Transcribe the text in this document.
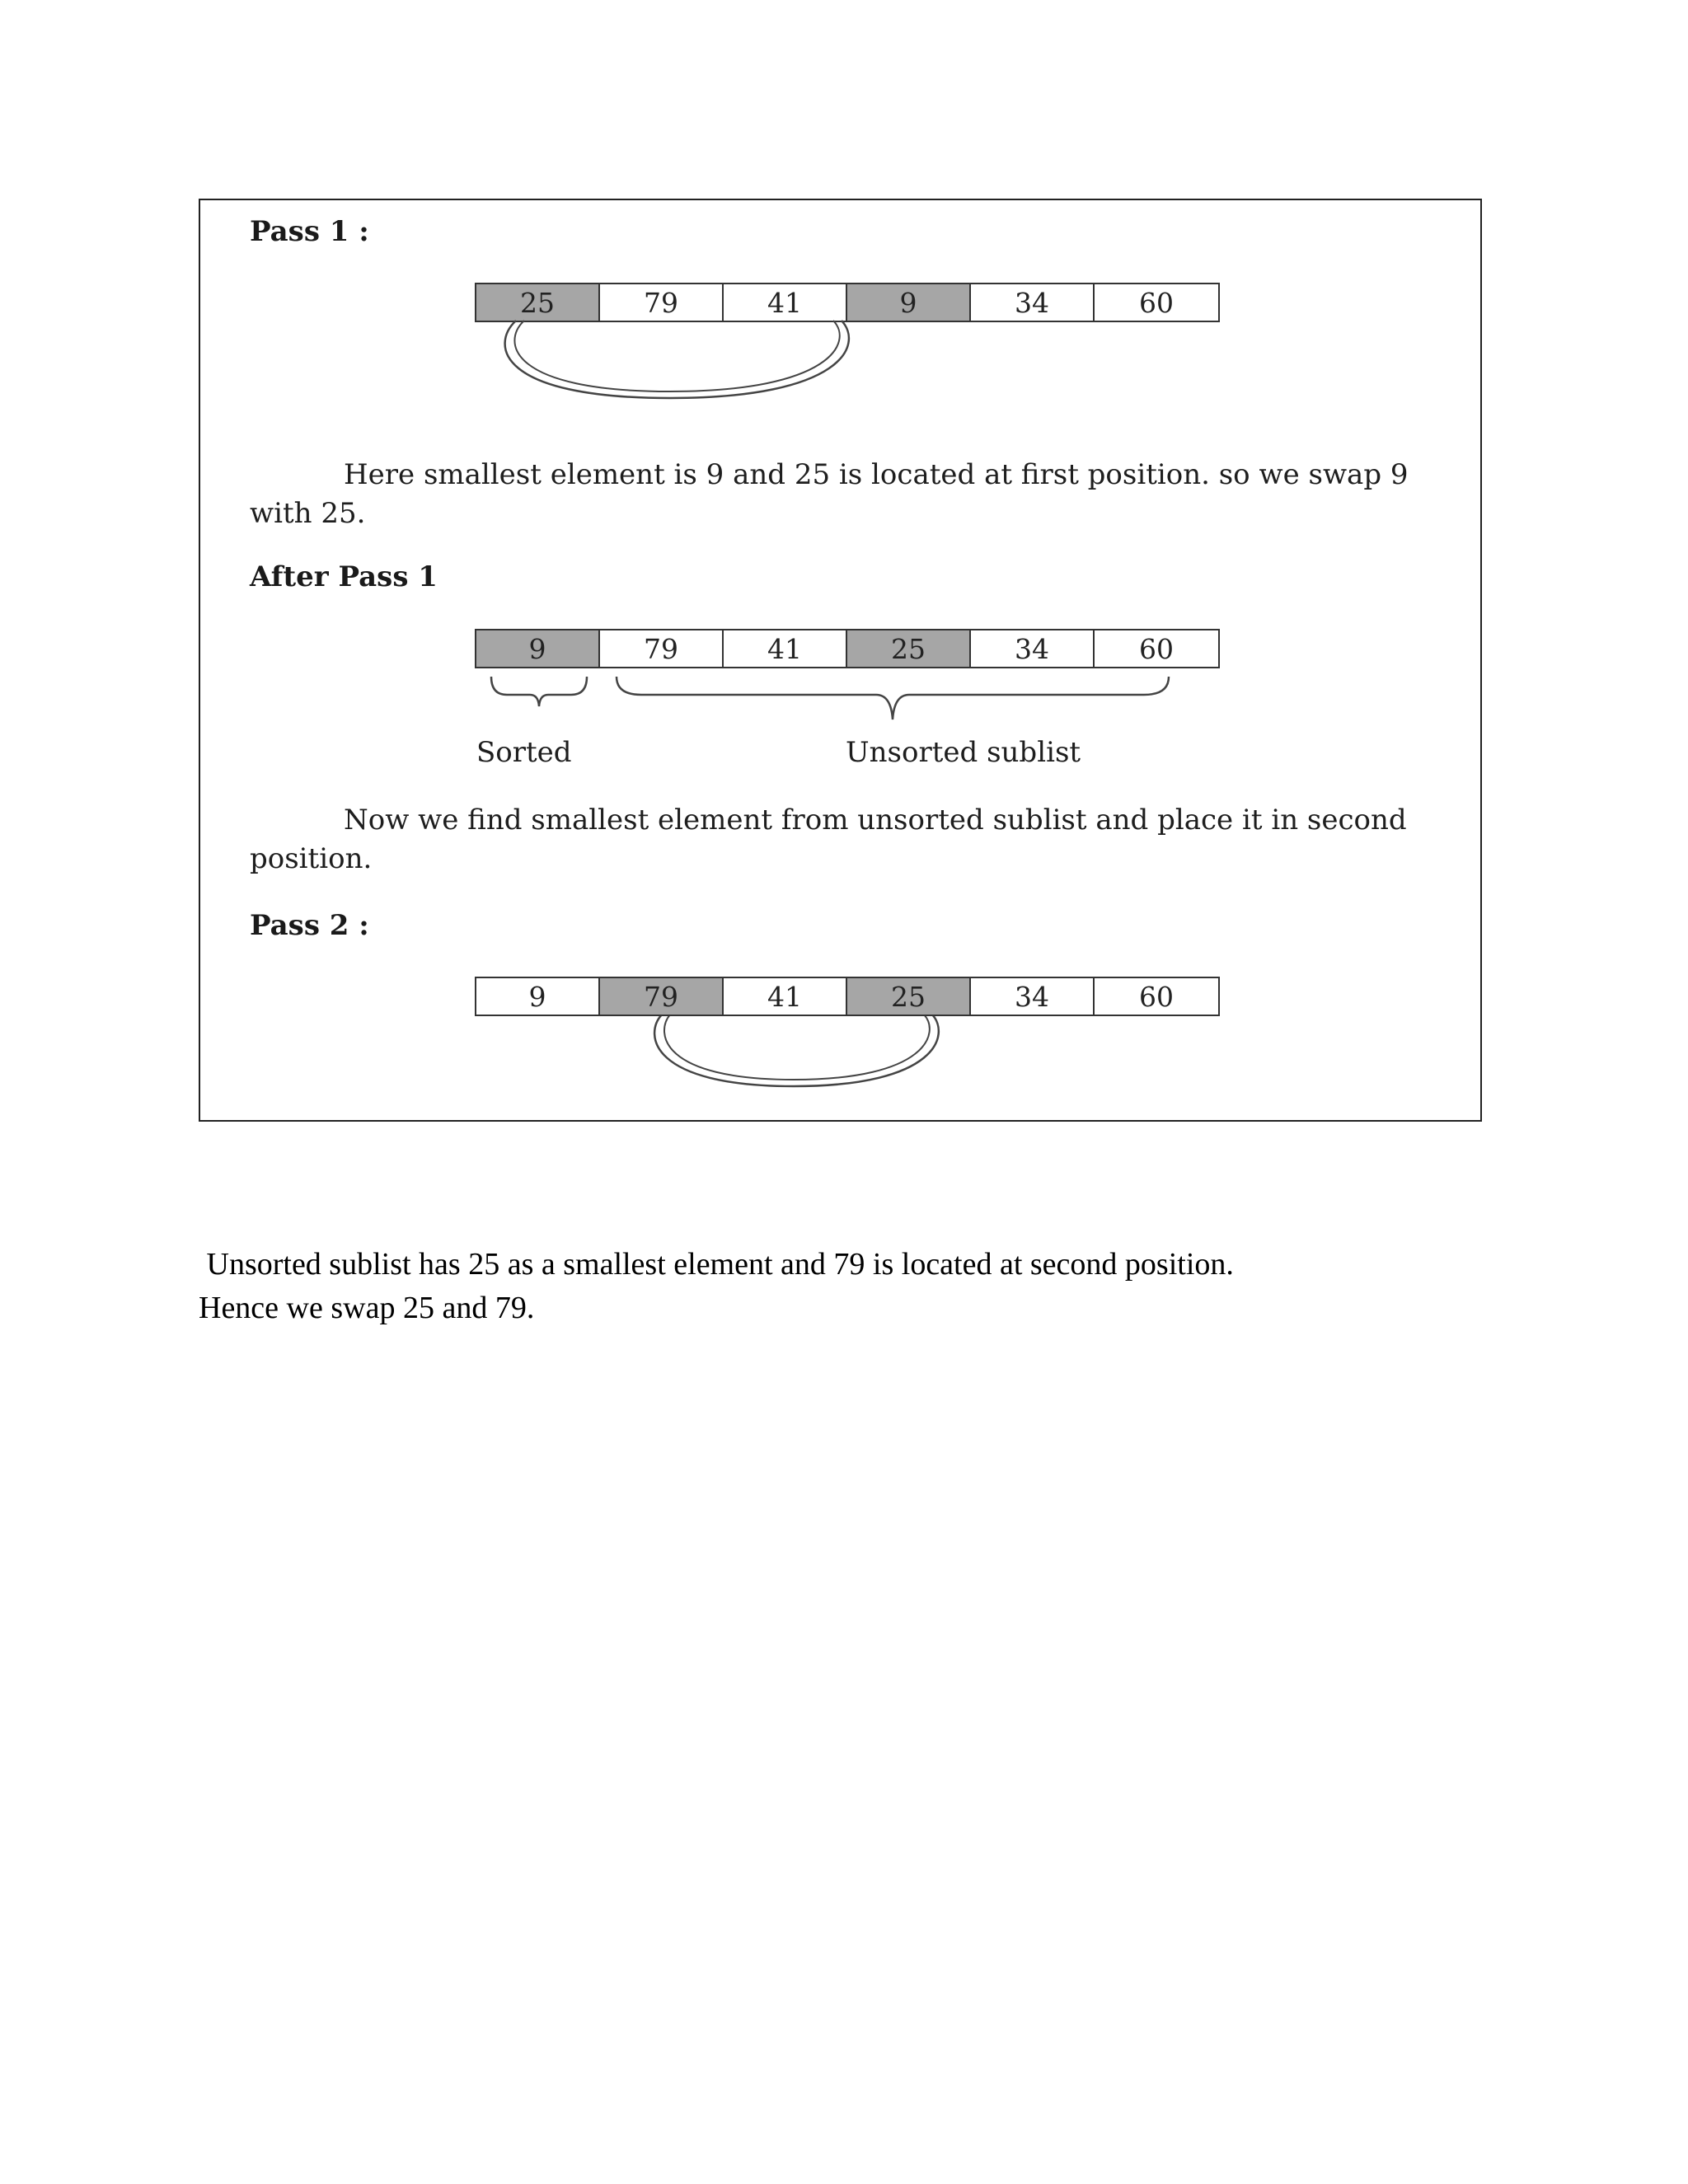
Pass 1 :
25	79	41	9	34	60
Here smallest element is 9 and 25 is located at first position. so we swap 9 with 25.
After Pass 1
9	79	41	25	34	60
Sorted	Unsorted sublist
Now we find smallest element from unsorted sublist and place it in second position.
Pass 2 :
9	79	41	25	34	60
Unsorted sublist has 25 as a smallest element and 79 is located at second position.
Hence we swap 25 and 79.
